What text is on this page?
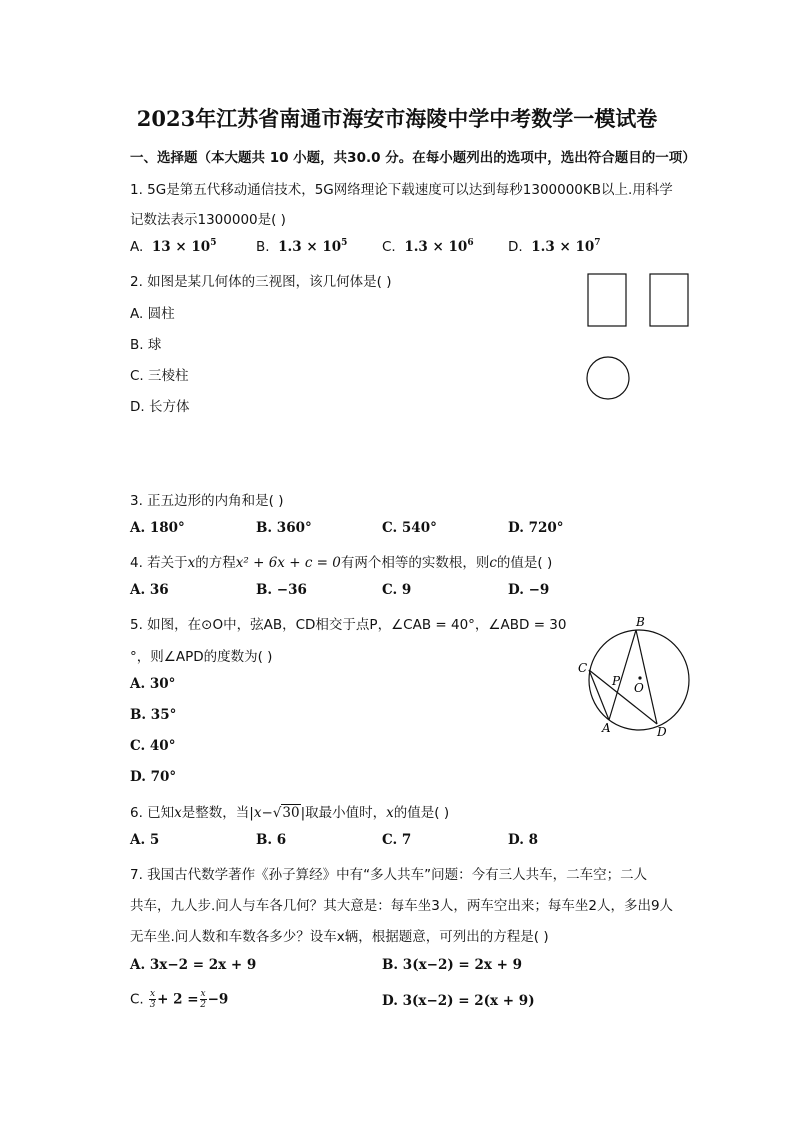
2023年江苏省南通市海安市海陵中学中考数学一模试卷
一、选择题（本大题共 10 小题，共30.0 分。在每小题列出的选项中，选出符合题目的一项）
1. 5G是第五代移动通信技术，5G网络理论下载速度可以达到每秒1300000KB以上.用科学
记数法表示1300000是( )
A. $13 \times 10^5$	B. $1.3 \times 10^5$	C. $1.3 \times 10^6$	D. $1.3 \times 10^7$
2. 如图是某几何体的三视图，该几何体是( )
A. 圆柱
B. 球
C. 三棱柱
D. 长方体
3. 正五边形的内角和是( )
A. 180°	B. 360°	C. 540°	D. 720°
4. 若关于x的方程x² + 6x + c = 0有两个相等的实数根，则c的值是( )
A. 36	B. −36	C. 9	D. −9
5. 如图，在⊙O中，弦AB，CD相交于点P，∠CAB = 40°，∠ABD = 30
°，则∠APD的度数为( )
A. 30°
B. 35°
C. 40°
D. 70°
B
C
P O
A	D
6. 已知x是整数，当|x−√30|取最小值时，x的值是( )
A. 5	B. 6	C. 7	D. 8
7. 我国古代数学著作《孙子算经》中有“多人共车”问题：今有三人共车，二车空；二人
共车，九人步.问人与车各几何？其大意是：每车坐3人，两车空出来；每车坐2人，多出9人
无车坐.问人数和车数各多少？设车x辆，根据题意，可列出的方程是( )
A. 3x−2 = 2x + 9	B. 3(x−2) = 2x + 9
C. $\frac{x}{3} + 2 = \frac{x}{2} -9$	D. 3(x−2) = 2(x + 9)
